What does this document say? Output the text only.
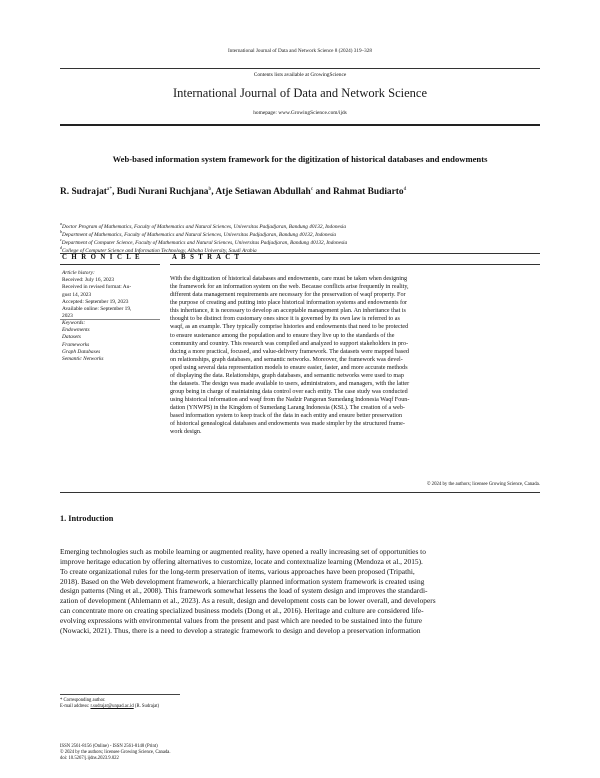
International Journal of Data and Network Science 8 (2024) 319–328
Contents lists available at GrowingScience
International Journal of Data and Network Science
homepage: www.GrowingScience.com/ijds
Web-based information system framework for the digitization of historical databases and endowments
R. Sudrajat$^{a*}$, Budi Nurani Ruchjana$^b$, Atje Setiawan Abdullah$^c$ and Rahmat Budiarto$^d$
$^a$Doctor Program of Mathematics, Faculty of Mathematics and Natural Sciences, Universitas Padjadjaran, Bandung 40132, Indonesia
$^b$Department of Mathematics, Faculty of Mathematics and Natural Sciences, Universitas Padjadjaran, Bandung 40132, Indonesia
$^c$Department of Computer Science, Faculty of Mathematics and Natural Sciences, Universitas Padjadjaran, Bandung 40132, Indonesia
$^d$College of Computer Science and Information Technology, Albaha University, Saudi Arabia
C H R O N I C L E	A B S T R A C T
Article history:
Received: July 16, 2023
Received in revised format: Au-
gust 14, 2023
Accepted: September 19, 2023
Available online: September 19,
2023
Keywords:
Endowments
Datasets
Frameworks
Graph Databases
Semantic Networks
With the digitization of historical databases and endowments, care must be taken when designing
the framework for an information system on the web. Because conflicts arise frequently in reality,
different data management requirements are necessary for the preservation of waqf property. For
the purpose of creating and putting into place historical information systems and endowments for
this inheritance, it is necessary to develop an acceptable management plan. An inheritance that is
thought to be distinct from customary ones since it is governed by its own law is referred to as
waqf, as an example. They typically comprise histories and endowments that need to be protected
to ensure sustenance among the population and to ensure they live up to the standards of the
community and country. This research was compiled and analyzed to support stakeholders in pro-
ducing a more practical, focused, and value-delivery framework. The datasets were mapped based
on relationships, graph databases, and semantic networks. Moreover, the framework was devel-
oped using several data representation models to ensure easier, faster, and more accurate methods
of displaying the data. Relationships, graph databases, and semantic networks were used to map
the datasets. The design was made available to users, administrators, and managers, with the latter
group being in charge of maintaining data control over each entity. The case study was conducted
using historical information and waqf from the Nadzir Pangeran Sumedang Indonesia Waqf Foun-
dation (YNWPS) in the Kingdom of Sumedang Larang Indonesia (KSL). The creation of a web-
based information system to keep track of the data in each entity and ensure better preservation
of historical genealogical databases and endowments was made simpler by the structured frame-
work design.
© 2024 by the authors; licensee Growing Science, Canada.
1. Introduction
Emerging technologies such as mobile learning or augmented reality, have opened a really increasing set of opportunities to
improve heritage education by offering alternatives to customize, locate and contextualize learning (Mendoza et al., 2015).
To create organizational rules for the long-term preservation of items, various approaches have been proposed (Tripathi,
2018). Based on the Web development framework, a hierarchically planned information system framework is created using
design patterns (Ning et al., 2008). This framework somewhat lessens the load of system design and improves the standardi-
zation of development (Ahlemann et al., 2023). As a result, design and development costs can be lower overall, and developers
can concentrate more on creating specialized business models (Dong et al., 2016). Heritage and culture are considered life-
evolving expressions with environmental values from the present and past which are needed to be sustained into the future
(Nowacki, 2021). Thus, there is a need to develop a strategic framework to design and develop a preservation information
* Corresponding author.
E-mail address: r.sudrajat@unpad.ac.id (R. Sudrajat)
ISSN 2561-8156 (Online) - ISSN 2561-8148 (Print)
© 2024 by the authors; licensee Growing Science, Canada.
doi: 10.5267/j.ijdns.2023.9.022
